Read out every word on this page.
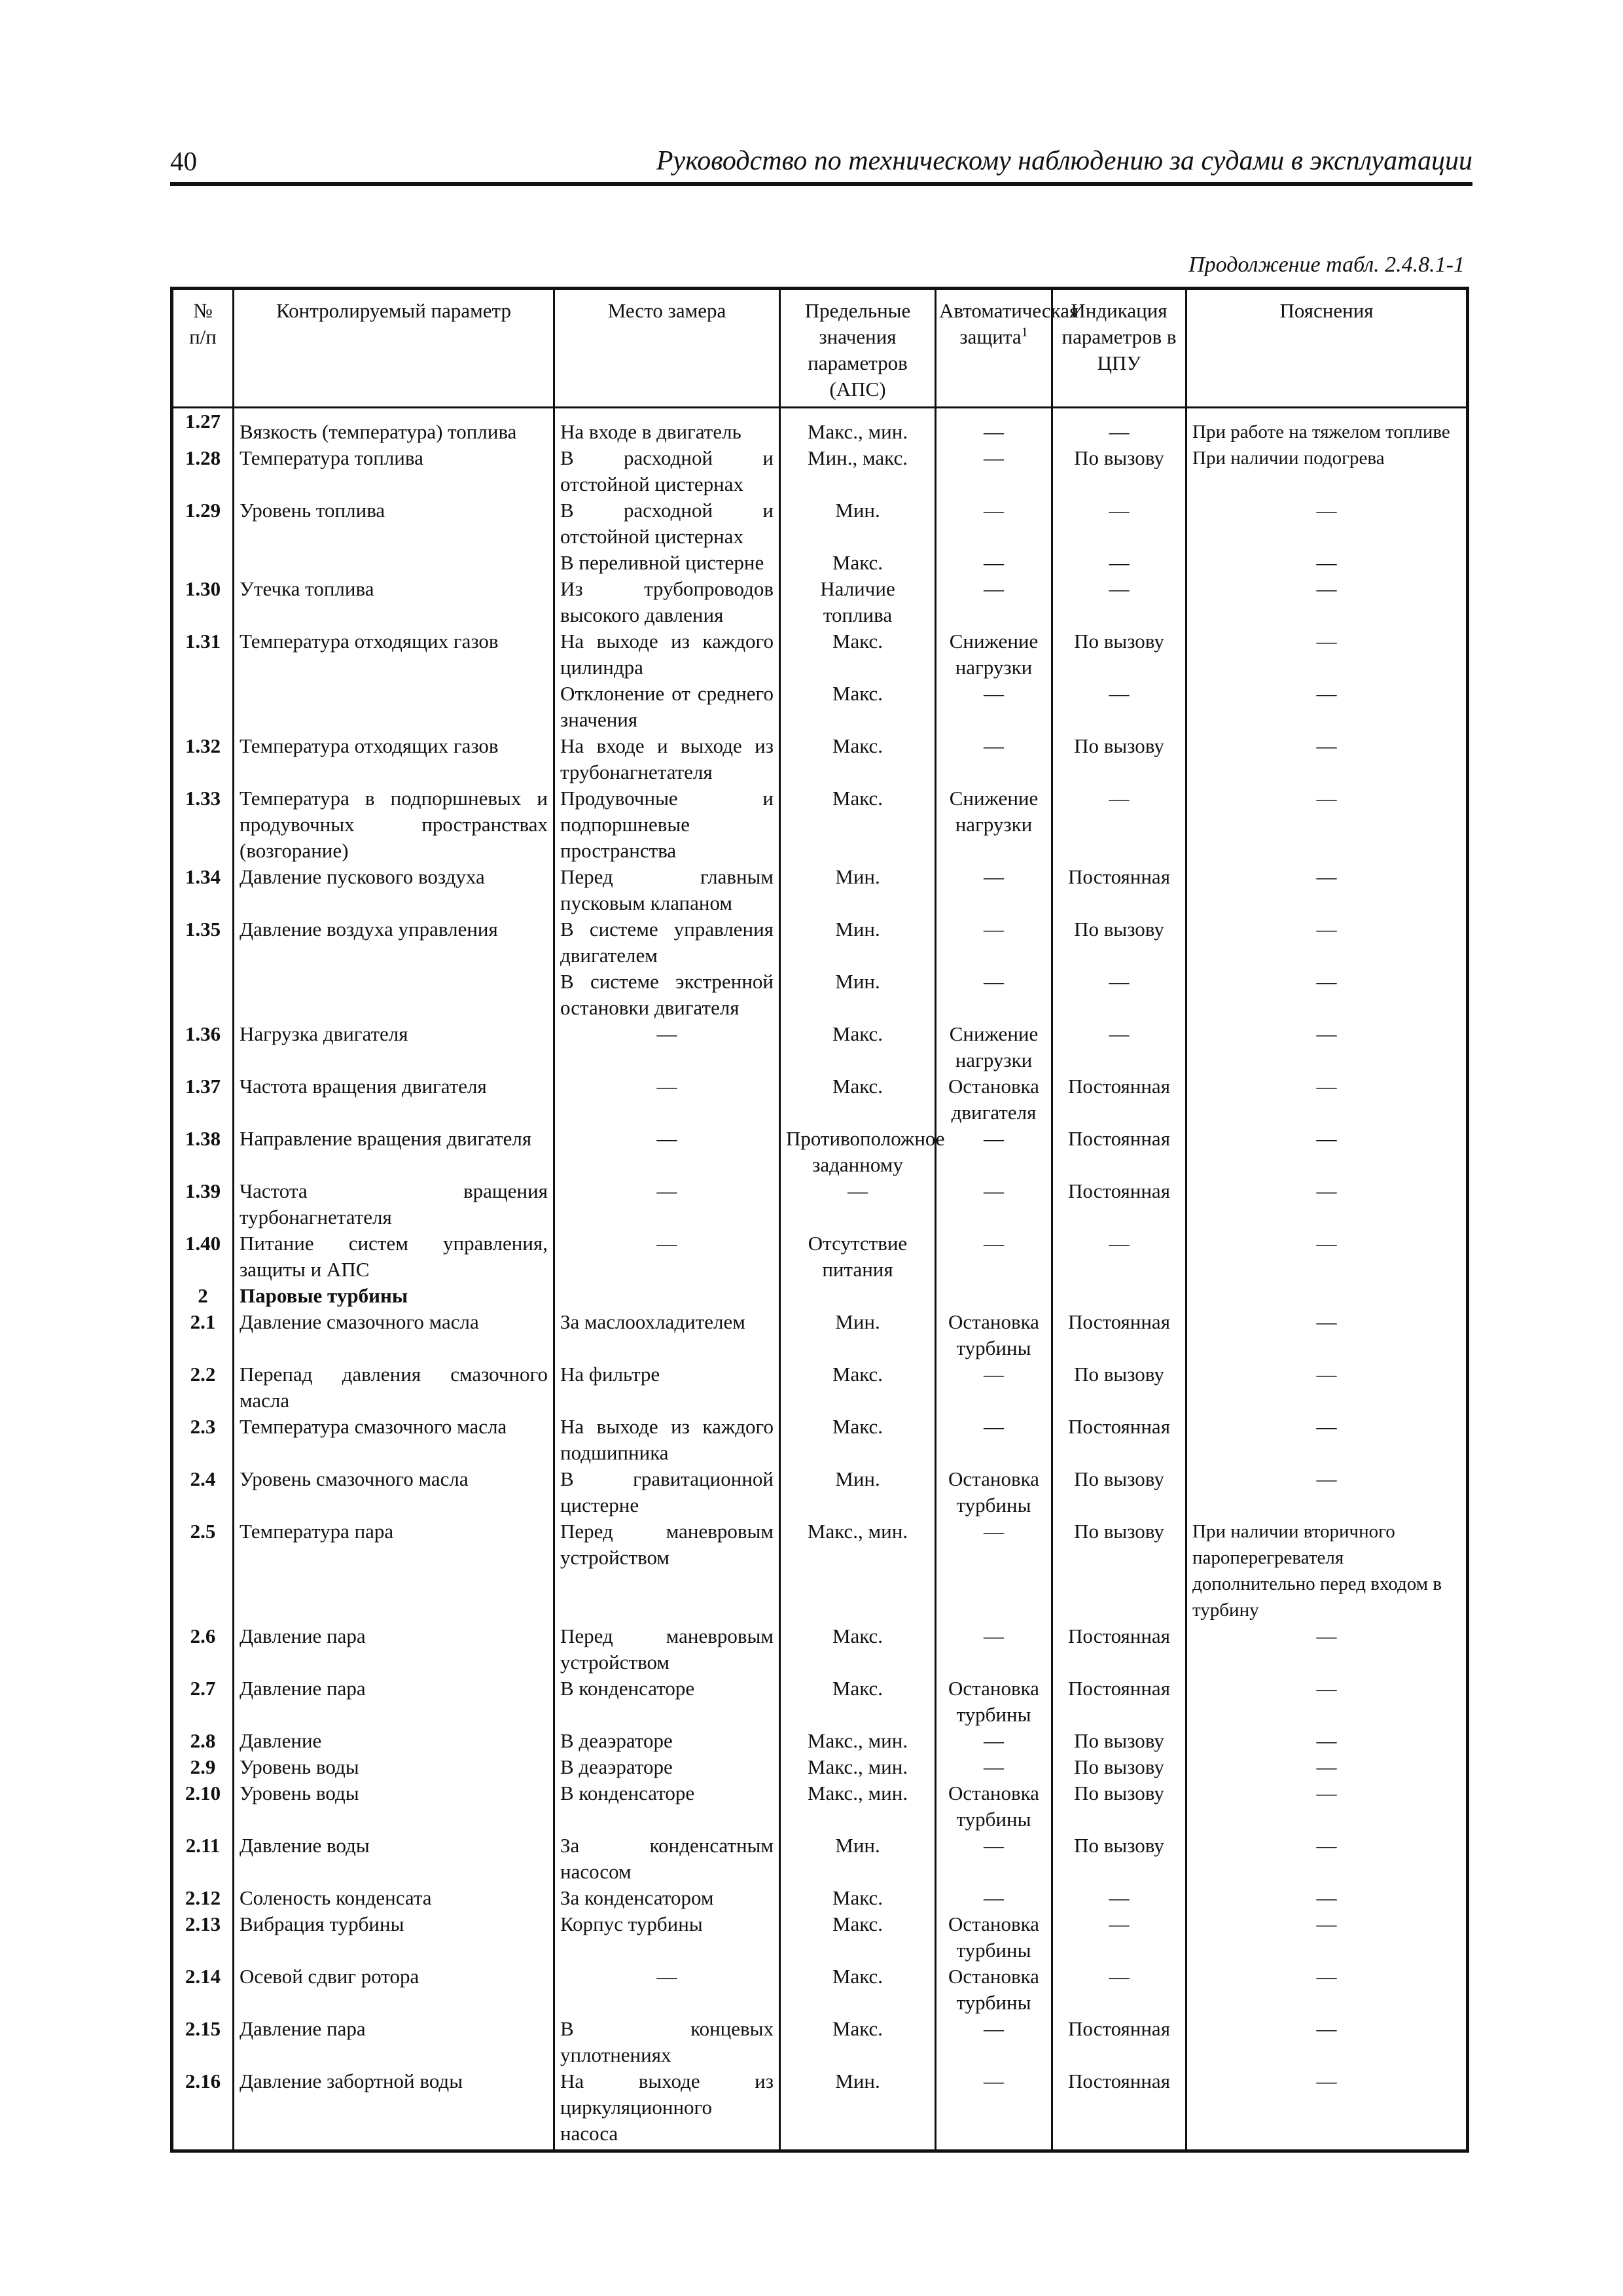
40	Руководство по техническому наблюдению за судами в эксплуатации
Продолжение табл. 2.4.8.1-1
№
п/п	Контролируемый параметр	Место замера	Предельные значения параметров (АПС)	Автоматическая защита$^1$	Индикация параметров в ЦПУ	Пояснения
1.27	Вязкость (температура) топлива	На входе в двигатель	Макс., мин.	—	—	При работе на тяжелом топливе
1.28	Температура топлива	В расходной и отстойной цистернах	Мин., макс.	—	По вызову	При наличии подогрева
1.29	Уровень топлива	В расходной и отстойной цистернах	Мин.	—	—	—
		В переливной цистерне	Макс.	—	—	—
1.30	Утечка топлива	Из трубопроводов высокого давления	Наличие топлива	—	—	—
1.31	Температура отходящих газов	На выходе из каждого цилиндра	Макс.	Снижение нагрузки	По вызову	—
		Отклонение от среднего значения	Макс.	—	—	—
1.32	Температура отходящих газов	На входе и выходе из трубонагнетателя	Макс.	—	По вызову	—
1.33	Температура в подпоршневых и продувочных пространствах (возгорание)	Продувочные и подпоршневые пространства	Макс.	Снижение нагрузки	—	—
1.34	Давление пускового воздуха	Перед главным пусковым клапаном	Мин.	—	Постоянная	—
1.35	Давление воздуха управления	В системе управления двигателем	Мин.	—	По вызову	—
		В системе экстренной остановки двигателя	Мин.	—	—	—
1.36	Нагрузка двигателя	—	Макс.	Снижение нагрузки	—	—
1.37	Частота вращения двигателя	—	Макс.	Остановка двигателя	Постоянная	—
1.38	Направление вращения двигателя	—	Противоположное заданному	—	Постоянная	—
1.39	Частота вращения турбонагнетателя	—	—	—	Постоянная	—
1.40	Питание систем управления, защиты и АПС	—	Отсутствие питания	—	—	—
2	Паровые турбины					
2.1	Давление смазочного масла	За маслоохладителем	Мин.	Остановка турбины	Постоянная	—
2.2	Перепад давления смазочного масла	На фильтре	Макс.	—	По вызову	—
2.3	Температура смазочного масла	На выходе из каждого подшипника	Макс.	—	Постоянная	—
2.4	Уровень смазочного масла	В гравитационной цистерне	Мин.	Остановка турбины	По вызову	—
2.5	Температура пара	Перед маневровым устройством	Макс., мин.	—	По вызову	При наличии вторичного пароперегревателя дополнительно перед входом в турбину
2.6	Давление пара	Перед маневровым устройством	Макс.	—	Постоянная	—
2.7	Давление пара	В конденсаторе	Макс.	Остановка турбины	Постоянная	—
2.8	Давление	В деаэраторе	Макс., мин.	—	По вызову	—
2.9	Уровень воды	В деаэраторе	Макс., мин.	—	По вызову	—
2.10	Уровень воды	В конденсаторе	Макс., мин.	Остановка турбины	По вызову	—
2.11	Давление воды	За конденсатным насосом	Мин.	—	По вызову	—
2.12	Соленость конденсата	За конденсатором	Макс.	—	—	—
2.13	Вибрация турбины	Корпус турбины	Макс.	Остановка турбины	—	—
2.14	Осевой сдвиг ротора	—	Макс.	Остановка турбины	—	—
2.15	Давление пара	В концевых уплотнениях	Макс.	—	Постоянная	—
2.16	Давление забортной воды	На выходе из циркуляционного насоса	Мин.	—	Постоянная	—
